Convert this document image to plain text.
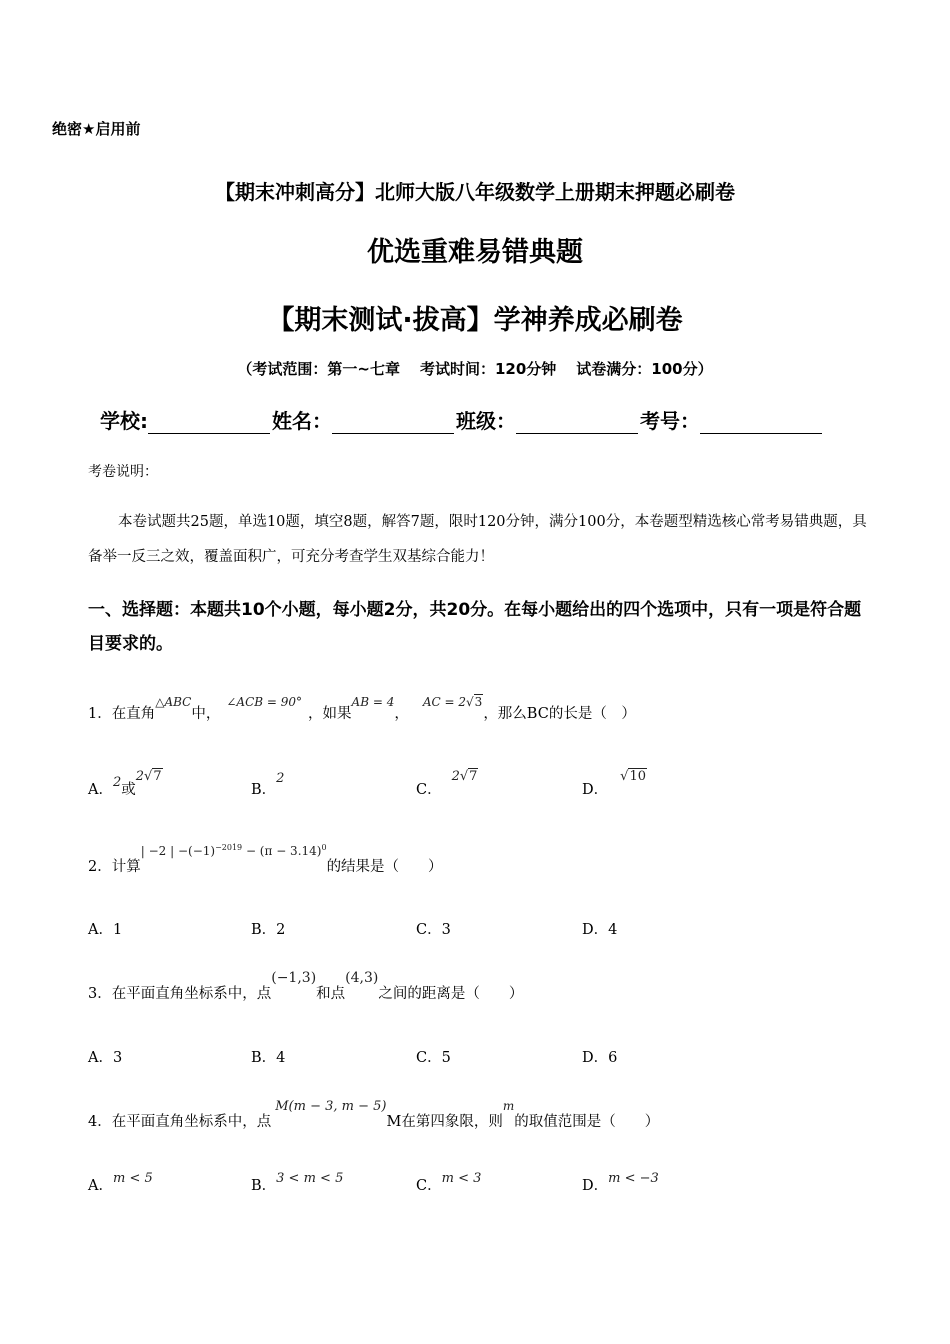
绝密★启用前
【期末冲刺高分】北师大版八年级数学上册期末押题必刷卷
优选重难易错典题
【期末测试·拔高】学神养成必刷卷
（考试范围：第一~七章 考试时间：120分钟 试卷满分：100分）
学校:	姓名：	班级：	考号：
考卷说明：
本卷试题共25题，单选10题，填空8题，解答7题，限时120分钟，满分100分，本卷题型精选核心常考易错典题，具备举一反三之效，覆盖面积广，可充分考查学生双基综合能力！
一、选择题：本题共10个小题，每小题2分，共20分。在每小题给出的四个选项中，只有一项是符合题目要求的。
1．在直角$^{\triangle ABC}$中，$^{\angle ACB = 90^\circ}$，如果$^{AB = 4}$，$^{AC = 2√3}$，那么BC的长是（　）
A．2或2√7
B．2
C．2√7
D．√10
2．计算$^{| -2 | -(-1)^{-2019} - (\pi - 3.14)^0}$的结果是（　　）
A．1	B．2	C．3	D．4
3．在平面直角坐标系中，点(−1,3)和点(4,3)之间的距离是（　　）
A．3	B．4	C．5	D．6
4．在平面直角坐标系中，点M(m − 3, m − 5)M在第四象限，则$^m$的取值范围是（　　）
A．m < 5	B．3 < m < 5	C．m < 3	D．m < −3
